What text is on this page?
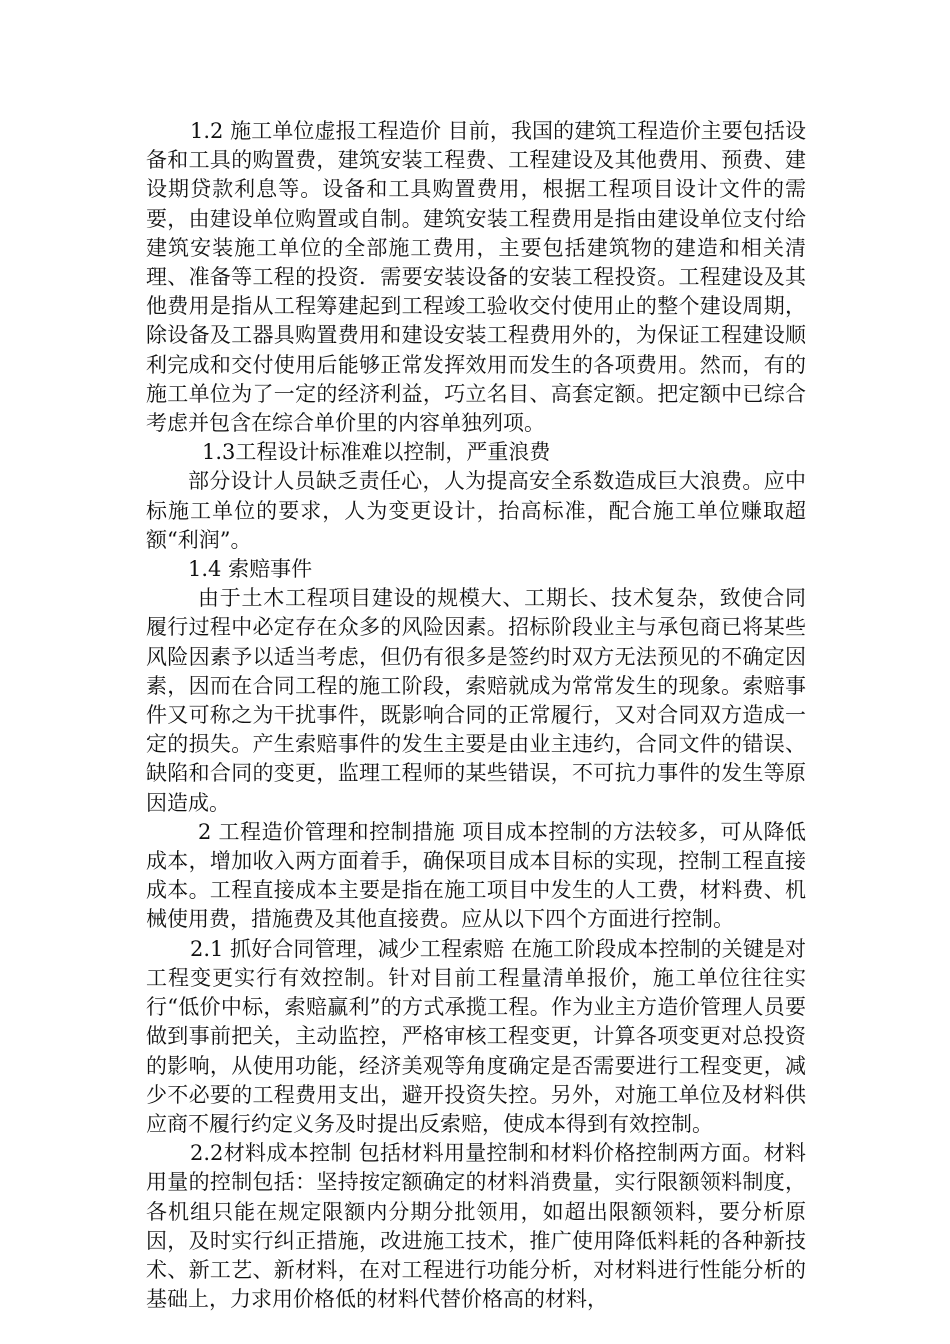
1.2 施工单位虚报工程造价 目前，我国的建筑工程造价主要包括设备和工具的购置费，建筑安装工程费、工程建设及其他费用、预费、建设期贷款利息等。设备和工具购置费用，根据工程项目设计文件的需要，由建设单位购置或自制。建筑安装工程费用是指由建设单位支付给建筑安装施工单位的全部施工费用，主要包括建筑物的建造和相关清理、准备等工程的投资．需要安装设备的安装工程投资。工程建设及其他费用是指从工程筹建起到工程竣工验收交付使用止的整个建设周期，除设备及工器具购置费用和建设安装工程费用外的，为保证工程建设顺利完成和交付使用后能够正常发挥效用而发生的各项费用。然而，有的施工单位为了一定的经济利益，巧立名目、高套定额。把定额中已综合考虑并包含在综合单价里的内容单独列项。

1.3工程设计标准难以控制，严重浪费

部分设计人员缺乏责任心，人为提高安全系数造成巨大浪费。应中标施工单位的要求，人为变更设计，抬高标准，配合施工单位赚取超额“利润”。

1.4 索赔事件

由于土木工程项目建设的规模大、工期长、技术复杂，致使合同履行过程中必定存在众多的风险因素。招标阶段业主与承包商已将某些风险因素予以适当考虑，但仍有很多是签约时双方无法预见的不确定因素，因而在合同工程的施工阶段，索赔就成为常常发生的现象。索赔事件又可称之为干扰事件，既影响合同的正常履行，又对合同双方造成一定的损失。产生索赔事件的发生主要是由业主违约，合同文件的错误、缺陷和合同的变更，监理工程师的某些错误，不可抗力事件的发生等原因造成。

2 工程造价管理和控制措施 项目成本控制的方法较多，可从降低成本，增加收入两方面着手，确保项目成本目标的实现，控制工程直接成本。工程直接成本主要是指在施工项目中发生的人工费，材料费、机械使用费，措施费及其他直接费。应从以下四个方面进行控制。

2.1 抓好合同管理，减少工程索赔 在施工阶段成本控制的关键是对工程变更实行有效控制。针对目前工程量清单报价，施工单位往往实行“低价中标，索赔赢利”的方式承揽工程。作为业主方造价管理人员要做到事前把关，主动监控，严格审核工程变更，计算各项变更对总投资的影响，从使用功能，经济美观等角度确定是否需要进行工程变更，减少不必要的工程费用支出，避开投资失控。另外，对施工单位及材料供应商不履行约定义务及时提出反索赔，使成本得到有效控制。

2.2材料成本控制 包括材料用量控制和材料价格控制两方面。材料用量的控制包括：坚持按定额确定的材料消费量，实行限额领料制度，各机组只能在规定限额内分期分批领用，如超出限额领料，要分析原因，及时实行纠正措施，改进施工技术，推广使用降低料耗的各种新技术、新工艺、新材料，在对工程进行功能分析，对材料进行性能分析的基础上，力求用价格低的材料代替价格高的材料，
